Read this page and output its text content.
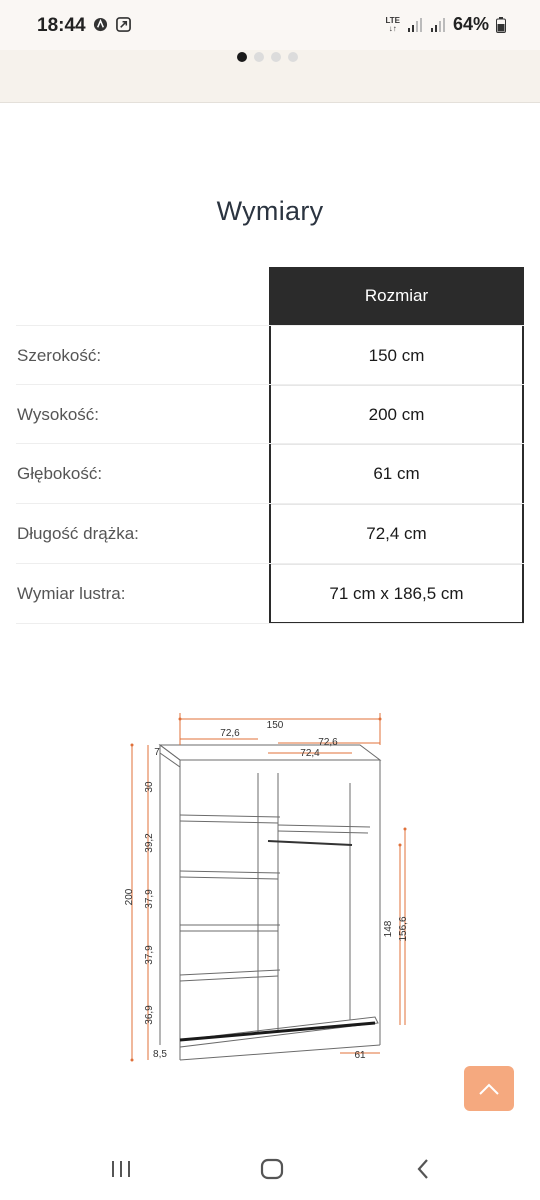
18:44	LTE
↓↑	64%
Wymiary
Rozmiar
Szerokość:	150 cm
Wysokość:	200 cm
Głębokość:	61 cm
Długość drążka:	72,4 cm
Wymiar lustra:	71 cm x 186,5 cm
150
72,6
72,6
72,4
7
30
39,2
37,9
37,9
36,9
8,5
200
148 156,6
61
